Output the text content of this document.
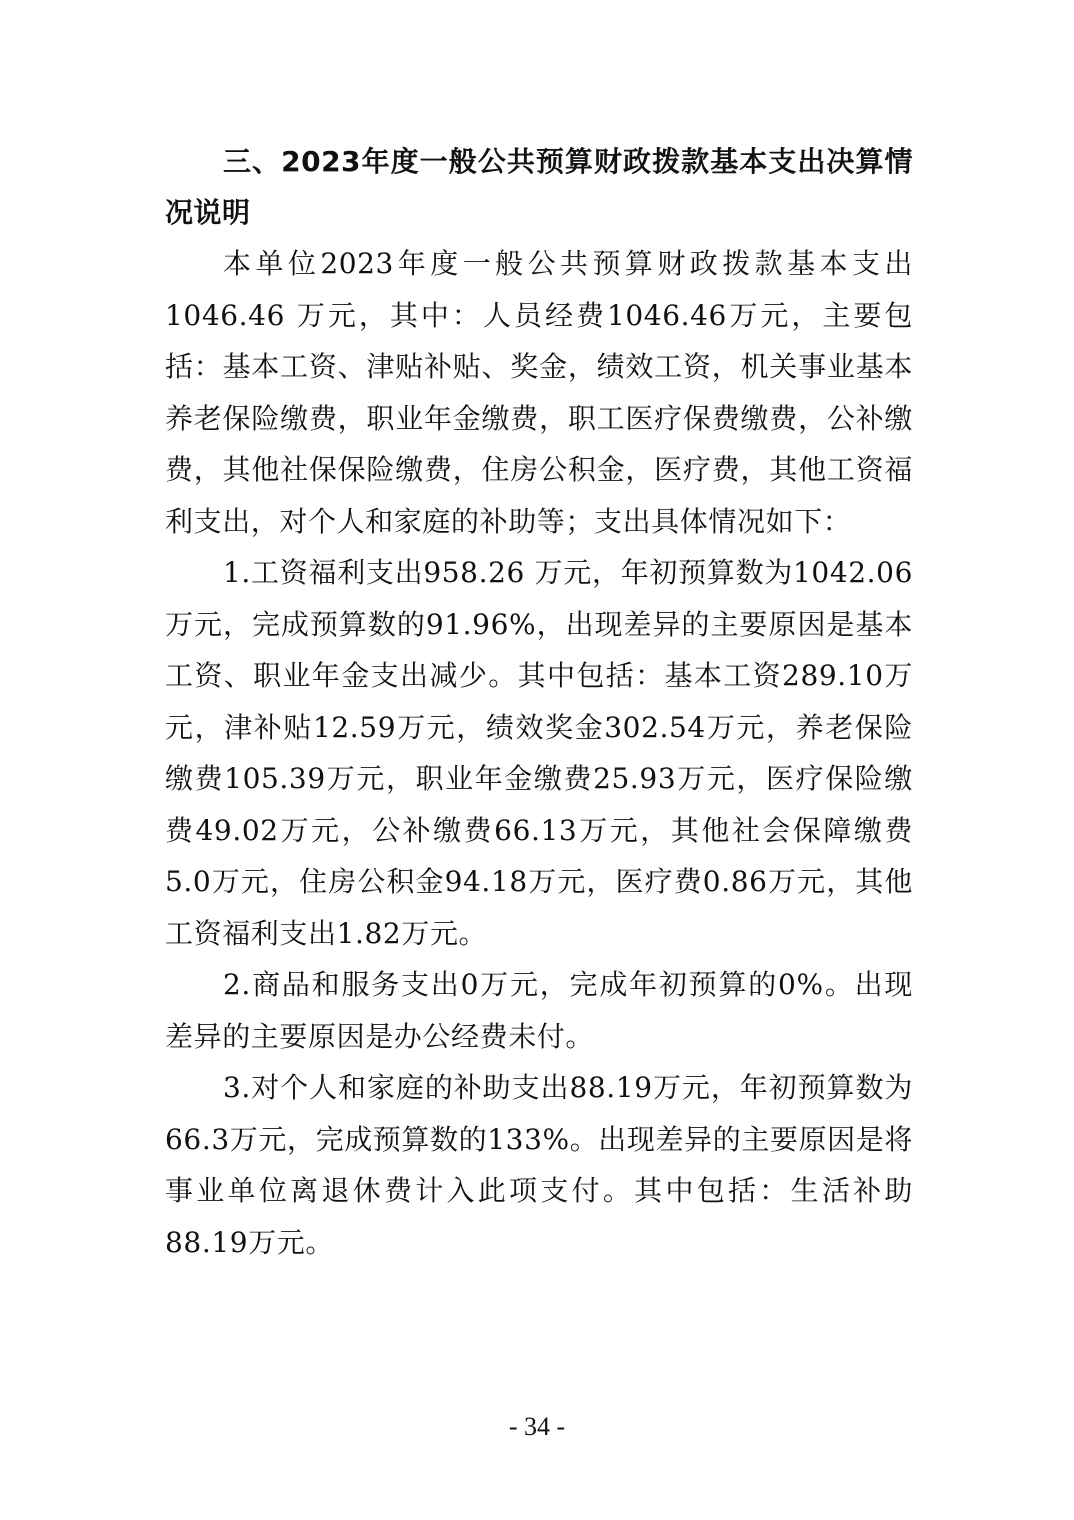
三、2023年度一般公共预算财政拨款基本支出决算情况说明

本单位2023年度一般公共预算财政拨款基本支出1046.46 万元，其中：人员经费1046.46万元，主要包括：基本工资、津贴补贴、奖金，绩效工资，机关事业基本养老保险缴费，职业年金缴费，职工医疗保费缴费，公补缴费，其他社保保险缴费，住房公积金，医疗费，其他工资福利支出，对个人和家庭的补助等；支出具体情况如下：

1.工资福利支出958.26 万元，年初预算数为1042.06万元，完成预算数的91.96%，出现差异的主要原因是基本工资、职业年金支出减少。其中包括：基本工资289.10万元，津补贴12.59万元，绩效奖金302.54万元，养老保险缴费105.39万元，职业年金缴费25.93万元，医疗保险缴费49.02万元，公补缴费66.13万元，其他社会保障缴费5.0万元，住房公积金94.18万元，医疗费0.86万元，其他工资福利支出1.82万元。

2.商品和服务支出0万元，完成年初预算的0%。出现差异的主要原因是办公经费未付。

3.对个人和家庭的补助支出88.19万元，年初预算数为66.3万元，完成预算数的133%。出现差异的主要原因是将事业单位离退休费计入此项支付。其中包括：生活补助88.19万元。

- 34 -
